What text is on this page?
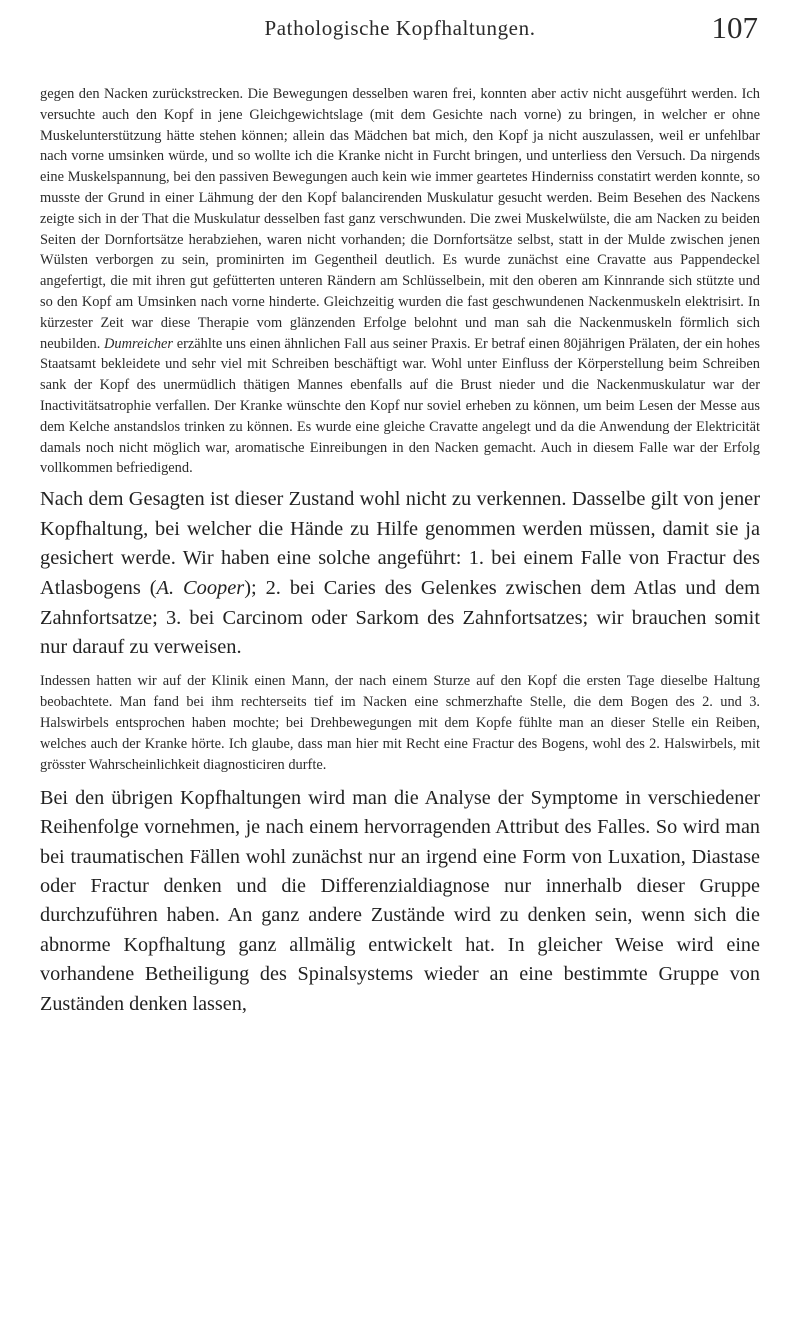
Pathologische Kopfhaltungen.	107

gegen den Nacken zurückstrecken. Die Bewegungen desselben waren frei, konnten aber activ nicht ausgeführt werden. Ich versuchte auch den Kopf in jene Gleichgewichtslage (mit dem Gesichte nach vorne) zu bringen, in welcher er ohne Muskelunterstützung hätte stehen können; allein das Mädchen bat mich, den Kopf ja nicht auszulassen, weil er unfehlbar nach vorne umsinken würde, und so wollte ich die Kranke nicht in Furcht bringen, und unterliess den Versuch. Da nirgends eine Muskelspannung, bei den passiven Bewegungen auch kein wie immer geartetes Hinderniss constatirt werden konnte, so musste der Grund in einer Lähmung der den Kopf balancirenden Muskulatur gesucht werden. Beim Besehen des Nackens zeigte sich in der That die Muskulatur desselben fast ganz verschwunden. Die zwei Muskelwülste, die am Nacken zu beiden Seiten der Dornfortsätze herabziehen, waren nicht vorhanden; die Dornfortsätze selbst, statt in der Mulde zwischen jenen Wülsten verborgen zu sein, prominirten im Gegentheil deutlich. Es wurde zunächst eine Cravatte aus Pappendeckel angefertigt, die mit ihren gut gefütterten unteren Rändern am Schlüsselbein, mit den oberen am Kinnrande sich stützte und so den Kopf am Umsinken nach vorne hinderte. Gleichzeitig wurden die fast geschwundenen Nackenmuskeln elektrisirt. In kürzester Zeit war diese Therapie vom glänzenden Erfolge belohnt und man sah die Nackenmuskeln förmlich sich neubilden. Dumreicher erzählte uns einen ähnlichen Fall aus seiner Praxis. Er betraf einen 80jährigen Prälaten, der ein hohes Staatsamt bekleidete und sehr viel mit Schreiben beschäftigt war. Wohl unter Einfluss der Körperstellung beim Schreiben sank der Kopf des unermüdlich thätigen Mannes ebenfalls auf die Brust nieder und die Nackenmuskulatur war der Inactivitätsatrophie verfallen. Der Kranke wünschte den Kopf nur soviel erheben zu können, um beim Lesen der Messe aus dem Kelche anstandslos trinken zu können. Es wurde eine gleiche Cravatte angelegt und da die Anwendung der Elektricität damals noch nicht möglich war, aromatische Einreibungen in den Nacken gemacht. Auch in diesem Falle war der Erfolg vollkommen befriedigend.

Nach dem Gesagten ist dieser Zustand wohl nicht zu verkennen. Dasselbe gilt von jener Kopfhaltung, bei welcher die Hände zu Hilfe genommen werden müssen, damit sie ja gesichert werde. Wir haben eine solche angeführt: 1. bei einem Falle von Fractur des Atlasbogens (A. Cooper); 2. bei Caries des Gelenkes zwischen dem Atlas und dem Zahnfortsatze; 3. bei Carcinom oder Sarkom des Zahnfortsatzes; wir brauchen somit nur darauf zu verweisen.

Indessen hatten wir auf der Klinik einen Mann, der nach einem Sturze auf den Kopf die ersten Tage dieselbe Haltung beobachtete. Man fand bei ihm rechterseits tief im Nacken eine schmerzhafte Stelle, die dem Bogen des 2. und 3. Halswirbels entsprochen haben mochte; bei Drehbewegungen mit dem Kopfe fühlte man an dieser Stelle ein Reiben, welches auch der Kranke hörte. Ich glaube, dass man hier mit Recht eine Fractur des Bogens, wohl des 2. Halswirbels, mit grösster Wahrscheinlichkeit diagnosticiren durfte.

Bei den übrigen Kopfhaltungen wird man die Analyse der Symptome in verschiedener Reihenfolge vornehmen, je nach einem hervorragenden Attribut des Falles. So wird man bei traumatischen Fällen wohl zunächst nur an irgend eine Form von Luxation, Diastase oder Fractur denken und die Differenzialdiagnose nur innerhalb dieser Gruppe durchzuführen haben. An ganz andere Zustände wird zu denken sein, wenn sich die abnorme Kopfhaltung ganz allmälig entwickelt hat. In gleicher Weise wird eine vorhandene Betheiligung des Spinalsystems wieder an eine bestimmte Gruppe von Zuständen denken lassen,
